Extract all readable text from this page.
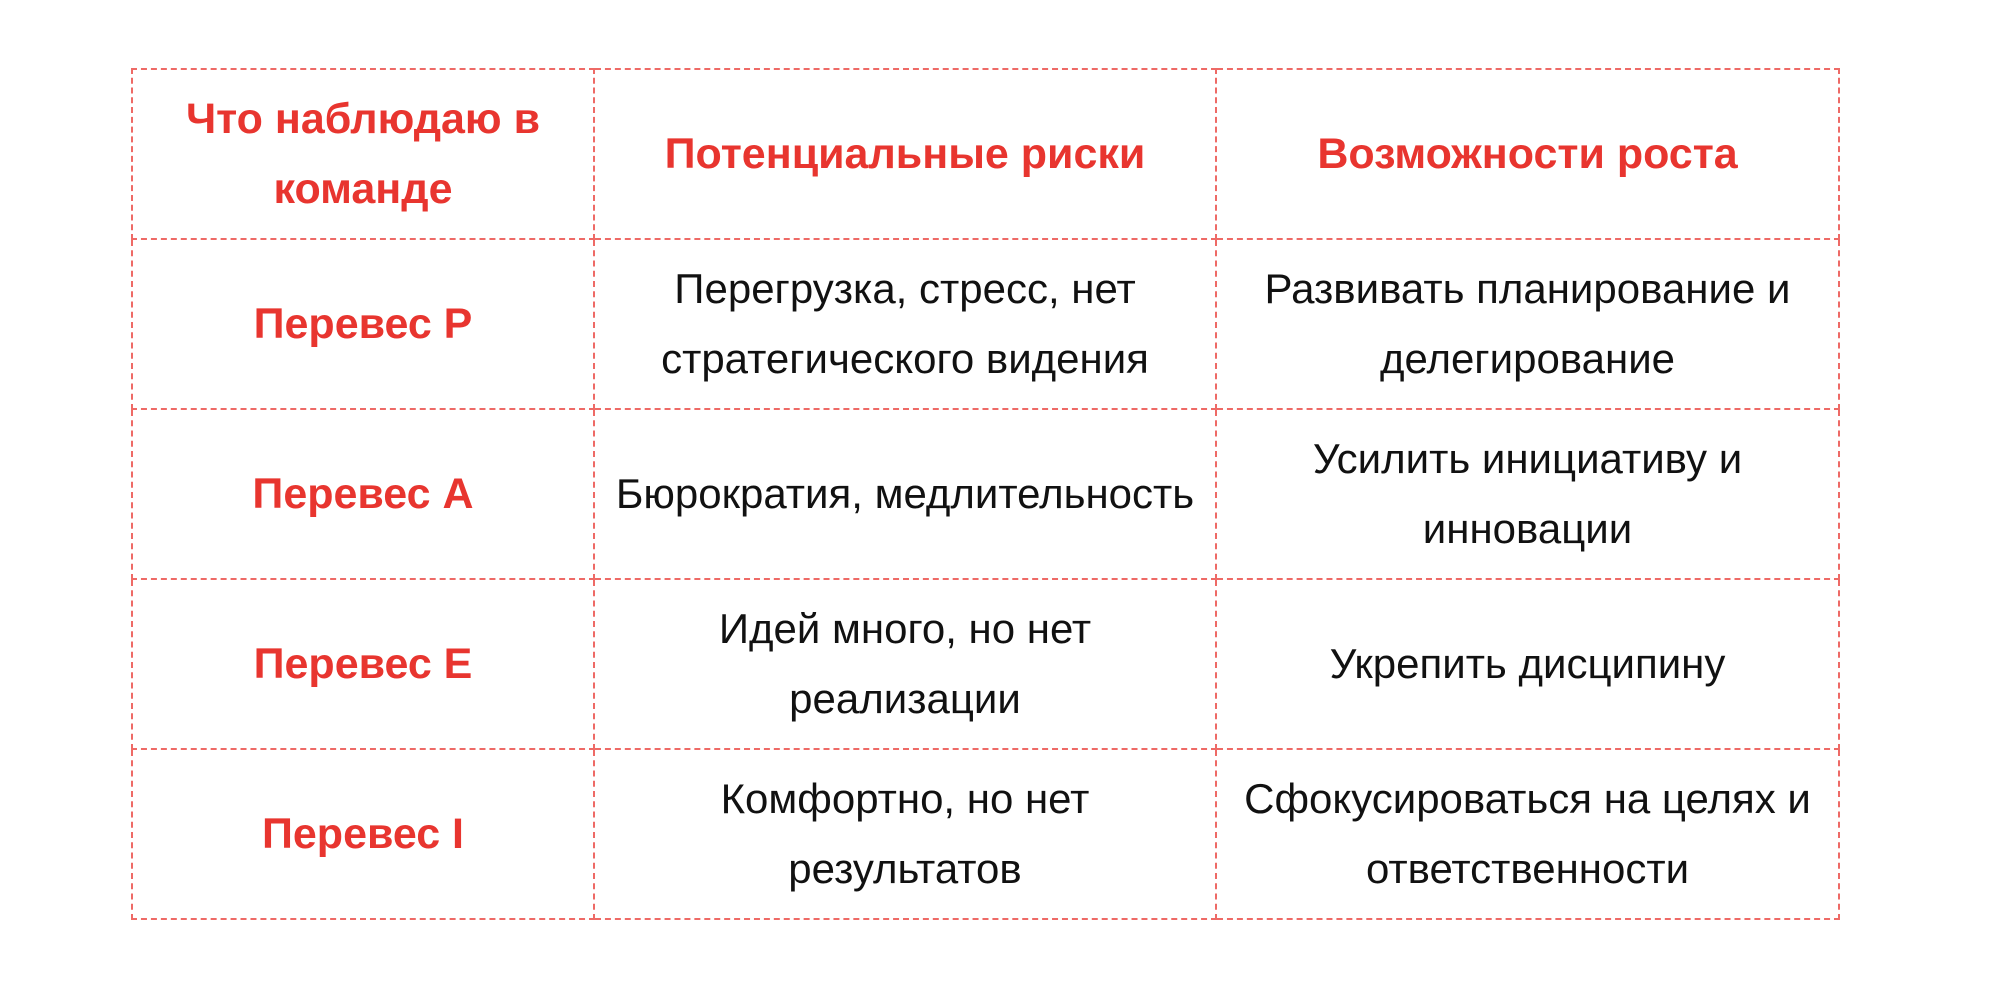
Что наблюдаю в команде	Потенциальные риски	Возможности роста
Перевес P	Перегрузка, стресс, нет стратегического видения	Развивать планирование и делегирование
Перевес A	Бюрократия, медлительность	Усилить инициативу и инновации
Перевес E	Идей много, но нет реализации	Укрепить дисципину
Перевес I	Комфортно, но нет результатов	Сфокусироваться на целях и ответственности
